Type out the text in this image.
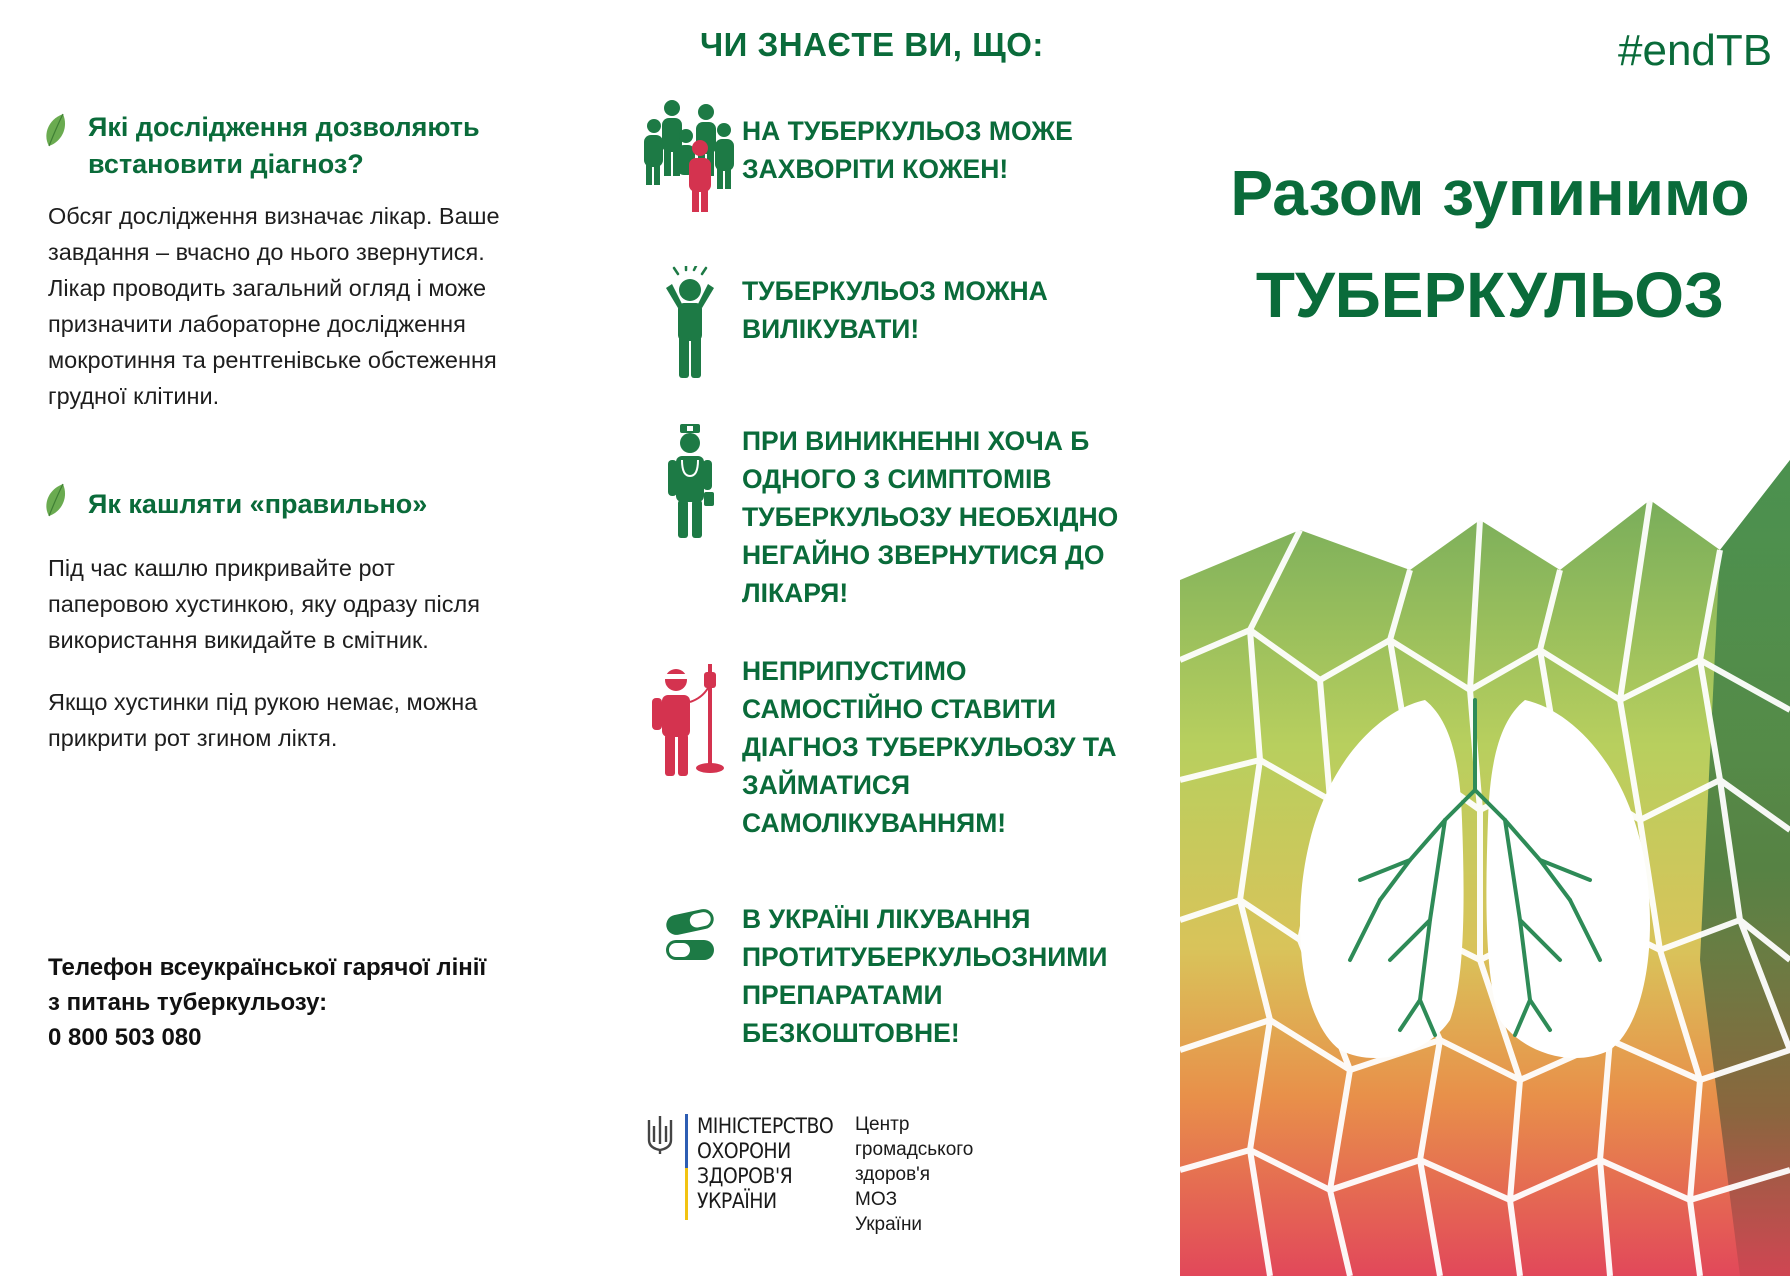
Які дослідження дозволяють
встановити діагноз?
Обсяг дослідження визначає лікар. Ваше
завдання – вчасно до нього звернутися.
Лікар проводить загальний огляд і може
призначити лабораторне дослідження
мокротиння та рентгенівське обстеження
грудної клітини.
Як кашляти «правильно»
Під час кашлю прикривайте рот
паперовою хустинкою, яку одразу після
використання викидайте в смітник.
Якщо хустинки під рукою немає, можна
прикрити рот згином ліктя.
Телефон всеукраїнської гарячої лінії
з питань туберкульозу:
0 800 503 080
ЧИ ЗНАЄТЕ ВИ, ЩО:
НА ТУБЕРКУЛЬОЗ МОЖЕ
ЗАХВОРІТИ КОЖЕН!
ТУБЕРКУЛЬОЗ МОЖНА
ВИЛІКУВАТИ!
ПРИ ВИНИКНЕННІ ХОЧА Б
ОДНОГО З СИМПТОМІВ
ТУБЕРКУЛЬОЗУ НЕОБХІДНО
НЕГАЙНО ЗВЕРНУТИСЯ ДО
ЛІКАРЯ!
НЕПРИПУСТИМО
САМОСТІЙНО СТАВИТИ
ДІАГНОЗ ТУБЕРКУЛЬОЗУ ТА
ЗАЙМАТИСЯ
САМОЛІКУВАННЯМ!
В УКРАЇНІ ЛІКУВАННЯ
ПРОТИТУБЕРКУЛЬОЗНИМИ
ПРЕПАРАТАМИ
БЕЗКОШТОВНЕ!
МІНІСТЕРСТВО
ОХОРОНИ
ЗДОРОВ'Я
УКРАЇНИ
Центр
громадського
здоров'я
МОЗ
України
#endTB
Разом зупинимо
ТУБЕРКУЛЬОЗ
